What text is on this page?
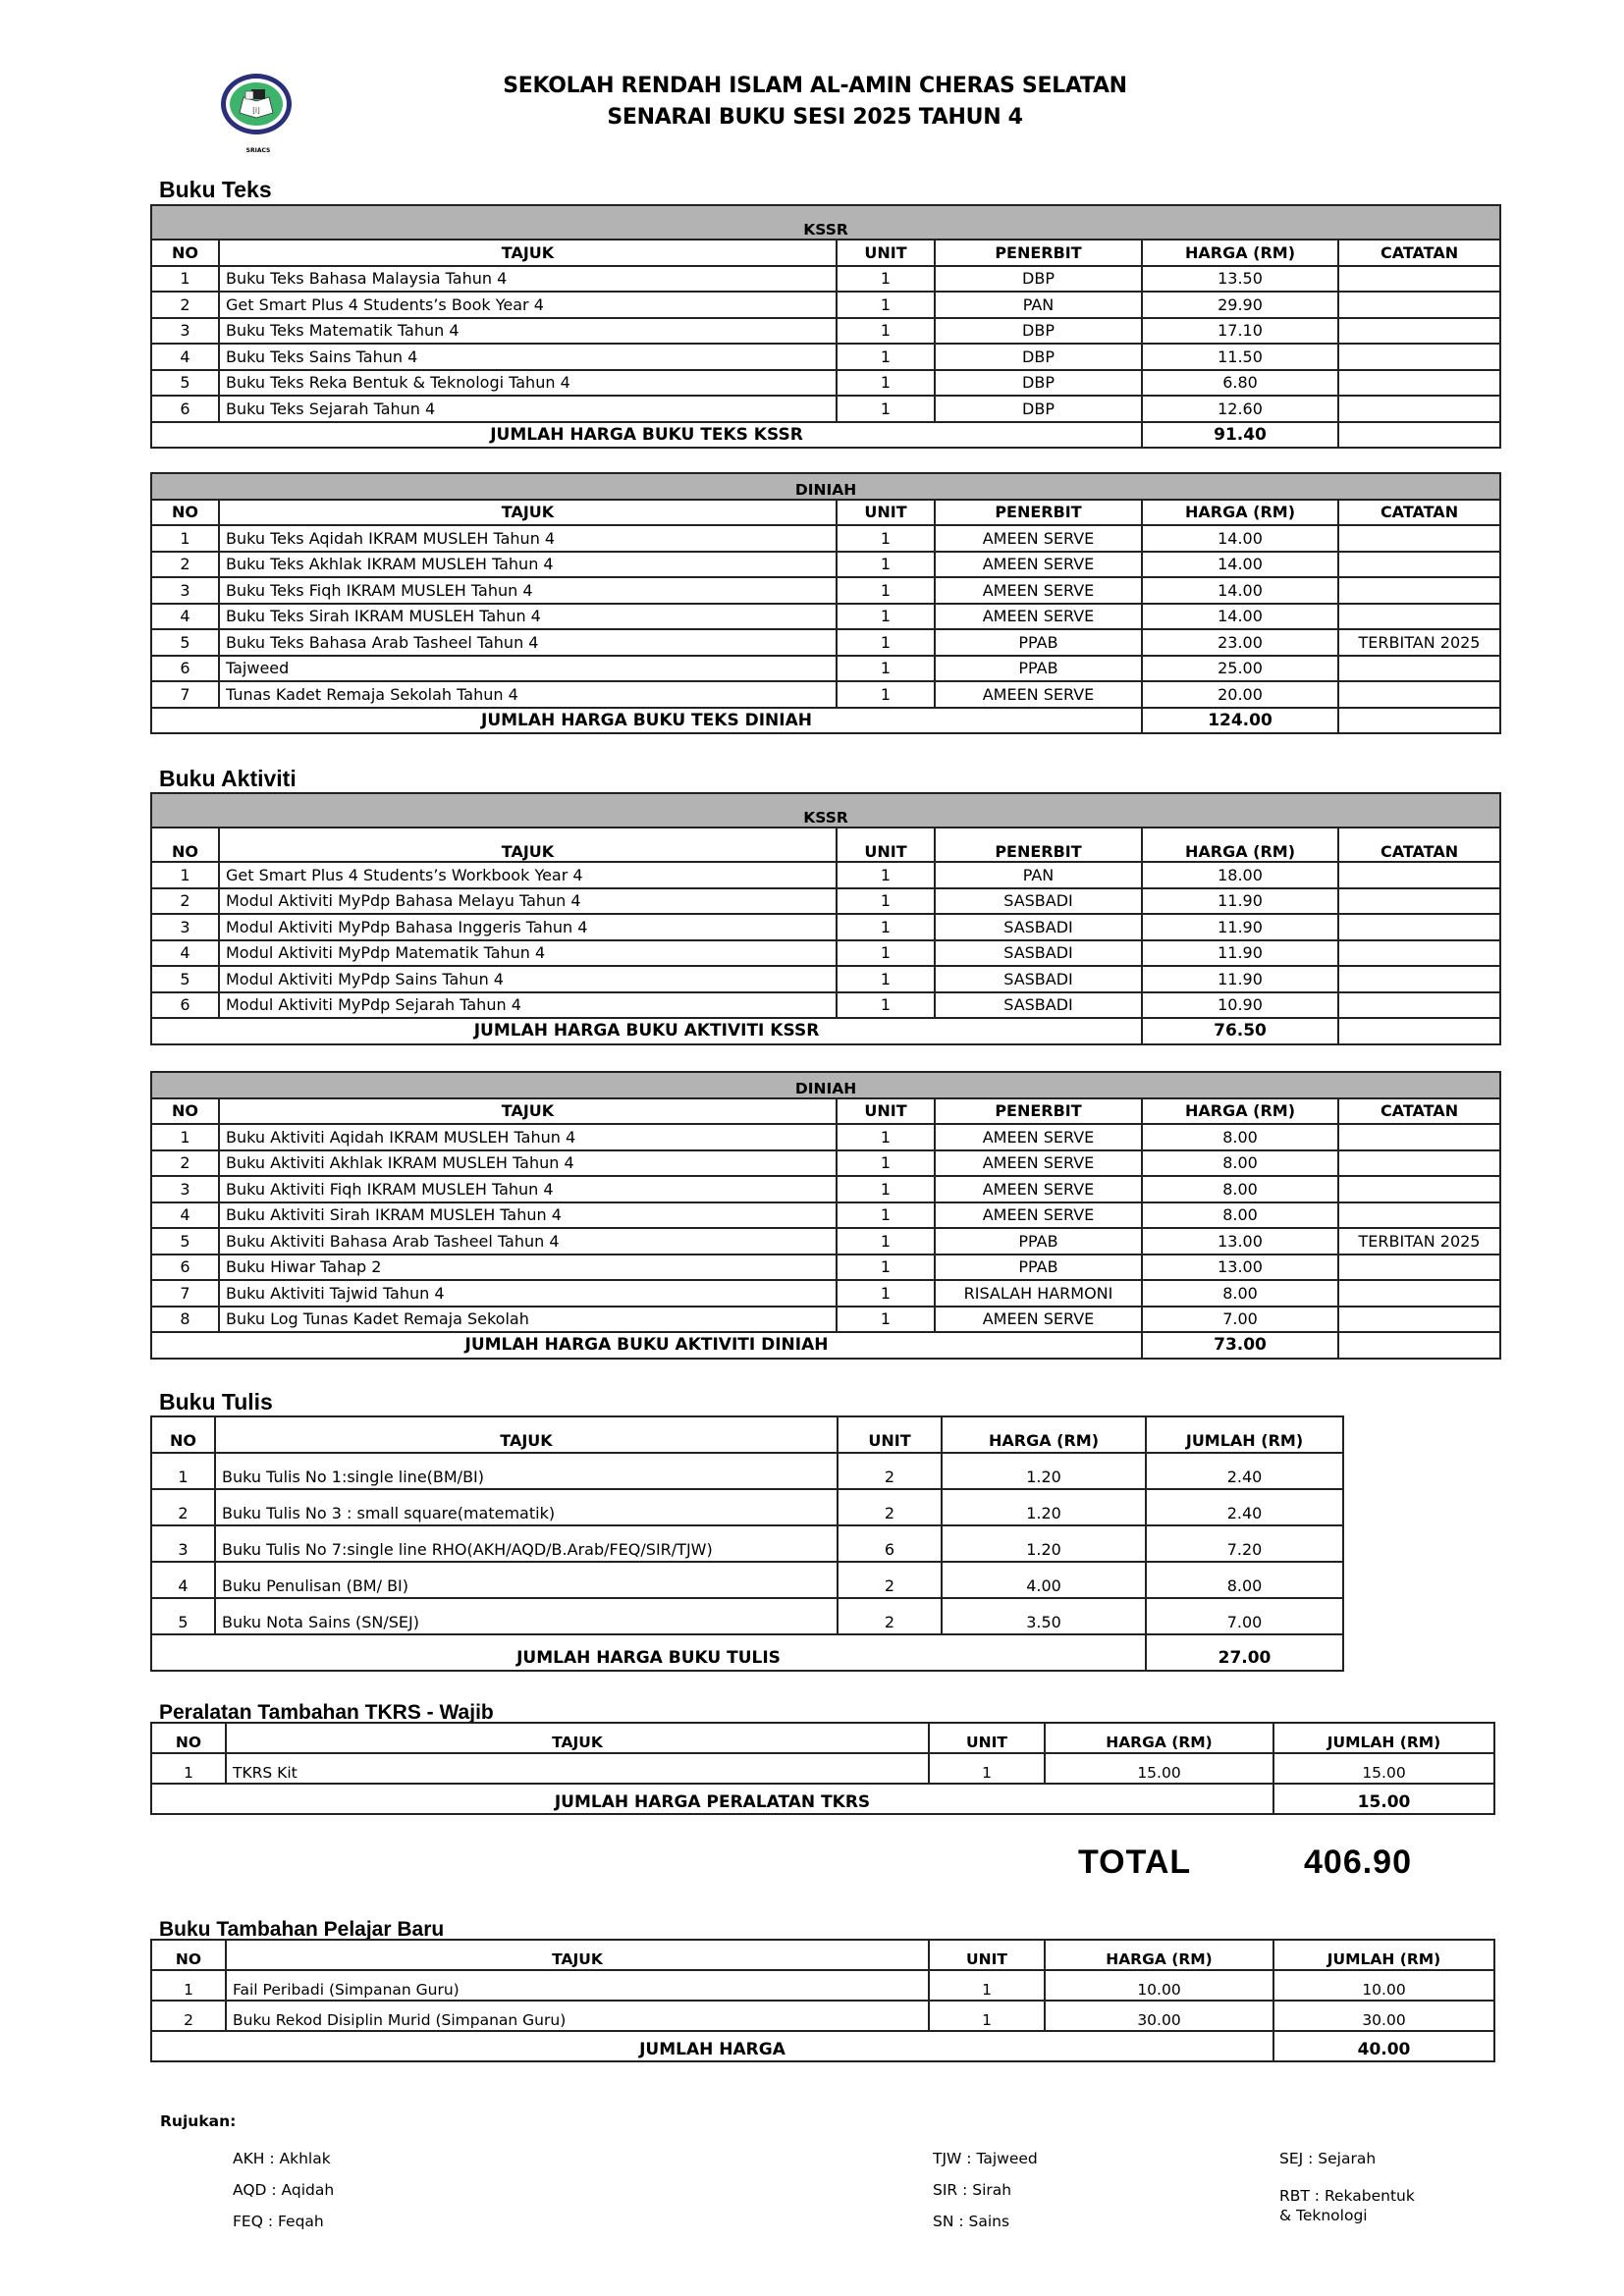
[ا]
SRIACS
SEKOLAH RENDAH ISLAM AL-AMIN CHERAS SELATAN
SENARAI BUKU SESI 2025 TAHUN 4
Buku Teks
KSSR					
NO	TAJUK	UNIT	PENERBIT	HARGA (RM)	CATATAN
1	Buku Teks Bahasa Malaysia Tahun 4	1	DBP	13.50	
2	Get Smart Plus 4 Students’s Book Year 4	1	PAN	29.90	
3	Buku Teks Matematik Tahun 4	1	DBP	17.10	
4	Buku Teks Sains Tahun 4	1	DBP	11.50	
5	Buku Teks Reka Bentuk & Teknologi Tahun 4	1	DBP	6.80	
6	Buku Teks Sejarah Tahun 4	1	DBP	12.60	
JUMLAH HARGA BUKU TEKS KSSR				91.40	
DINIAH					
NO	TAJUK	UNIT	PENERBIT	HARGA (RM)	CATATAN
1	Buku Teks Aqidah IKRAM MUSLEH Tahun 4	1	AMEEN SERVE	14.00	
2	Buku Teks Akhlak IKRAM MUSLEH Tahun 4	1	AMEEN SERVE	14.00	
3	Buku Teks Fiqh IKRAM MUSLEH Tahun 4	1	AMEEN SERVE	14.00	
4	Buku Teks Sirah IKRAM MUSLEH Tahun 4	1	AMEEN SERVE	14.00	
5	Buku Teks Bahasa Arab Tasheel Tahun 4	1	PPAB	23.00	TERBITAN 2025
6	Tajweed	1	PPAB	25.00	
7	Tunas Kadet Remaja Sekolah Tahun 4	1	AMEEN SERVE	20.00	
JUMLAH HARGA BUKU TEKS DINIAH				124.00	
Buku Aktiviti
KSSR					
NO	TAJUK	UNIT	PENERBIT	HARGA (RM)	CATATAN
1	Get Smart Plus 4 Students’s Workbook Year 4	1	PAN	18.00	
2	Modul Aktiviti MyPdp Bahasa Melayu Tahun 4	1	SASBADI	11.90	
3	Modul Aktiviti MyPdp Bahasa Inggeris Tahun 4	1	SASBADI	11.90	
4	Modul Aktiviti MyPdp Matematik Tahun 4	1	SASBADI	11.90	
5	Modul Aktiviti MyPdp Sains Tahun 4	1	SASBADI	11.90	
6	Modul Aktiviti MyPdp Sejarah Tahun 4	1	SASBADI	10.90	
JUMLAH HARGA BUKU AKTIVITI KSSR				76.50	
DINIAH					
NO	TAJUK	UNIT	PENERBIT	HARGA (RM)	CATATAN
1	Buku Aktiviti Aqidah IKRAM MUSLEH Tahun 4	1	AMEEN SERVE	8.00	
2	Buku Aktiviti Akhlak IKRAM MUSLEH Tahun 4	1	AMEEN SERVE	8.00	
3	Buku Aktiviti Fiqh IKRAM MUSLEH Tahun 4	1	AMEEN SERVE	8.00	
4	Buku Aktiviti Sirah IKRAM MUSLEH Tahun 4	1	AMEEN SERVE	8.00	
5	Buku Aktiviti Bahasa Arab Tasheel Tahun 4	1	PPAB	13.00	TERBITAN 2025
6	Buku Hiwar Tahap 2	1	PPAB	13.00	
7	Buku Aktiviti Tajwid Tahun 4	1	RISALAH HARMONI	8.00	
8	Buku Log Tunas Kadet Remaja Sekolah	1	AMEEN SERVE	7.00	
JUMLAH HARGA BUKU AKTIVITI DINIAH				73.00	
Buku Tulis
NO	TAJUK	UNIT	HARGA (RM)	JUMLAH (RM)
1	Buku Tulis No 1:single line(BM/BI)	2	1.20	2.40
2	Buku Tulis No 3 : small square(matematik)	2	1.20	2.40
3	Buku Tulis No 7:single line RHO(AKH/AQD/B.Arab/FEQ/SIR/TJW)	6	1.20	7.20
4	Buku Penulisan (BM/ BI)	2	4.00	8.00
5	Buku Nota Sains (SN/SEJ)	2	3.50	7.00
JUMLAH HARGA BUKU TULIS				27.00
Peralatan Tambahan TKRS - Wajib
NO	TAJUK	UNIT	HARGA (RM)	JUMLAH (RM)
1	TKRS Kit	1	15.00	15.00
JUMLAH HARGA PERALATAN TKRS				15.00
TOTAL	406.90
Buku Tambahan Pelajar Baru
NO	TAJUK	UNIT	HARGA (RM)	JUMLAH (RM)
1	Fail Peribadi (Simpanan Guru)	1	10.00	10.00
2	Buku Rekod Disiplin Murid (Simpanan Guru)	1	30.00	30.00
JUMLAH HARGA				40.00
Rujukan:
AKH : Akhlak
AQD : Aqidah
FEQ : Feqah
TJW : Tajweed
SIR : Sirah
SN : Sains
SEJ : Sejarah
RBT : Rekabentuk
& Teknologi
